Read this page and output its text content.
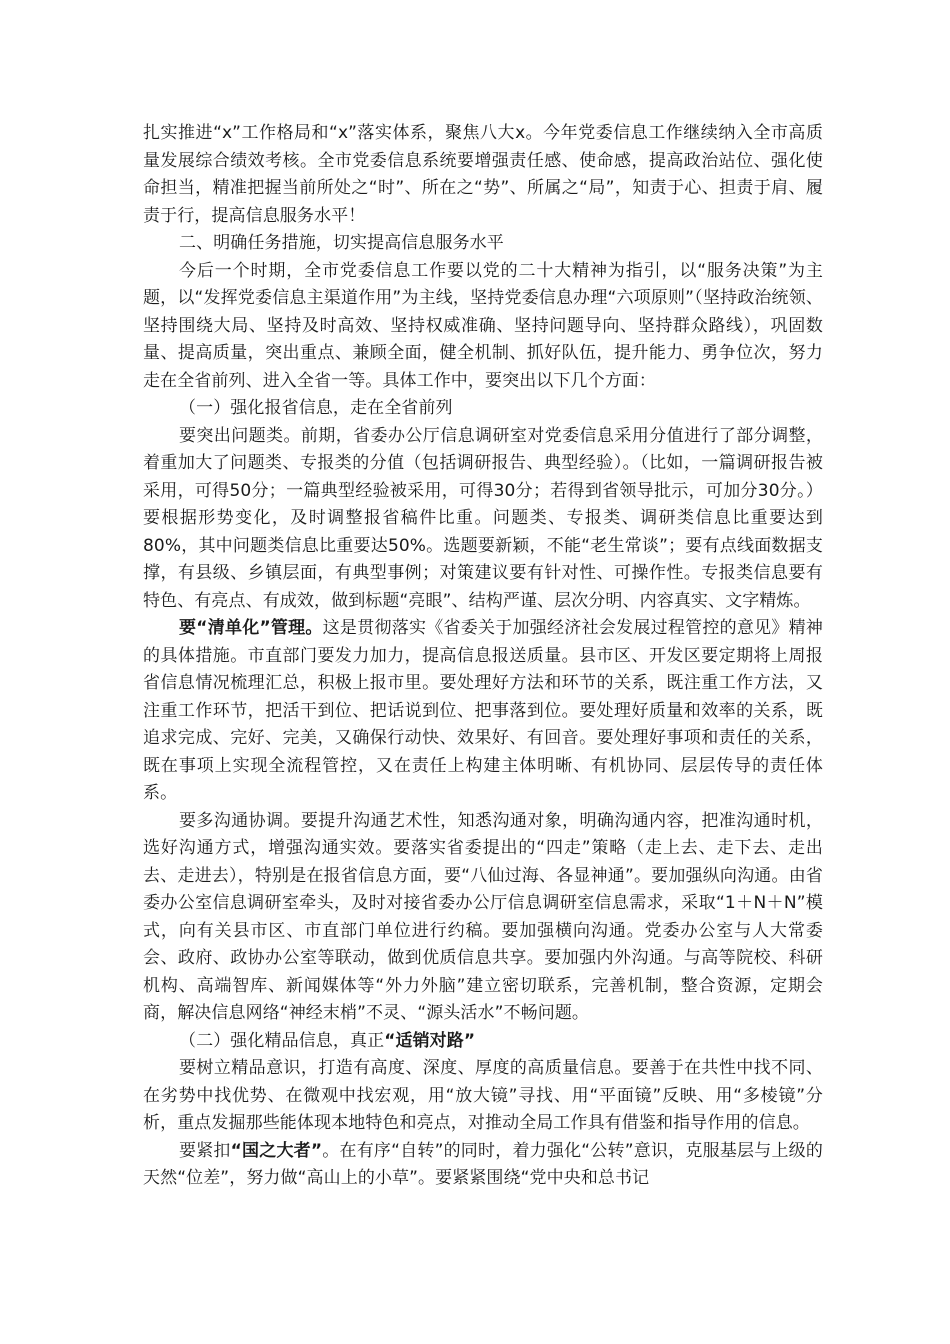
扎实推进“x”工作格局和“x”落实体系，聚焦八大x。今年党委信息工作继续纳入全市高质量发展综合绩效考核。全市党委信息系统要增强责任感、使命感，提高政治站位、强化使命担当，精准把握当前所处之“时”、所在之“势”、所属之“局”，知责于心、担责于肩、履责于行，提高信息服务水平！

二、明确任务措施，切实提高信息服务水平

今后一个时期，全市党委信息工作要以党的二十大精神为指引，以“服务决策”为主题，以“发挥党委信息主渠道作用”为主线，坚持党委信息办理“六项原则”（坚持政治统领、坚持围绕大局、坚持及时高效、坚持权威准确、坚持问题导向、坚持群众路线），巩固数量、提高质量，突出重点、兼顾全面，健全机制、抓好队伍，提升能力、勇争位次，努力走在全省前列、进入全省一等。具体工作中，要突出以下几个方面：

（一）强化报省信息，走在全省前列

要突出问题类。前期，省委办公厅信息调研室对党委信息采用分值进行了部分调整，着重加大了问题类、专报类的分值（包括调研报告、典型经验）。（比如，一篇调研报告被采用，可得50分；一篇典型经验被采用，可得30分；若得到省领导批示，可加分30分。）要根据形势变化，及时调整报省稿件比重。问题类、专报类、调研类信息比重要达到80%，其中问题类信息比重要达50%。选题要新颖，不能“老生常谈”；要有点线面数据支撑，有县级、乡镇层面，有典型事例；对策建议要有针对性、可操作性。专报类信息要有特色、有亮点、有成效，做到标题“亮眼”、结构严谨、层次分明、内容真实、文字精炼。

要“清单化”管理。这是贯彻落实《省委关于加强经济社会发展过程管控的意见》精神的具体措施。市直部门要发力加力，提高信息报送质量。县市区、开发区要定期将上周报省信息情况梳理汇总，积极上报市里。要处理好方法和环节的关系，既注重工作方法，又注重工作环节，把活干到位、把话说到位、把事落到位。要处理好质量和效率的关系，既追求完成、完好、完美，又确保行动快、效果好、有回音。要处理好事项和责任的关系，既在事项上实现全流程管控，又在责任上构建主体明晰、有机协同、层层传导的责任体系。

要多沟通协调。要提升沟通艺术性，知悉沟通对象，明确沟通内容，把准沟通时机，选好沟通方式，增强沟通实效。要落实省委提出的“四走”策略（走上去、走下去、走出去、走进去），特别是在报省信息方面，要“八仙过海、各显神通”。要加强纵向沟通。由省委办公室信息调研室牵头，及时对接省委办公厅信息调研室信息需求，采取“1＋N＋N”模式，向有关县市区、市直部门单位进行约稿。要加强横向沟通。党委办公室与人大常委会、政府、政协办公室等联动，做到优质信息共享。要加强内外沟通。与高等院校、科研机构、高端智库、新闻媒体等“外力外脑”建立密切联系，完善机制，整合资源，定期会商，解决信息网络“神经末梢”不灵、“源头活水”不畅问题。

（二）强化精品信息，真正“适销对路”

要树立精品意识，打造有高度、深度、厚度的高质量信息。要善于在共性中找不同、在劣势中找优势、在微观中找宏观，用“放大镜”寻找、用“平面镜”反映、用“多棱镜”分析，重点发掘那些能体现本地特色和亮点，对推动全局工作具有借鉴和指导作用的信息。

要紧扣“国之大者”。在有序“自转”的同时，着力强化“公转”意识，克服基层与上级的天然“位差”，努力做“高山上的小草”。要紧紧围绕“党中央和总书记
